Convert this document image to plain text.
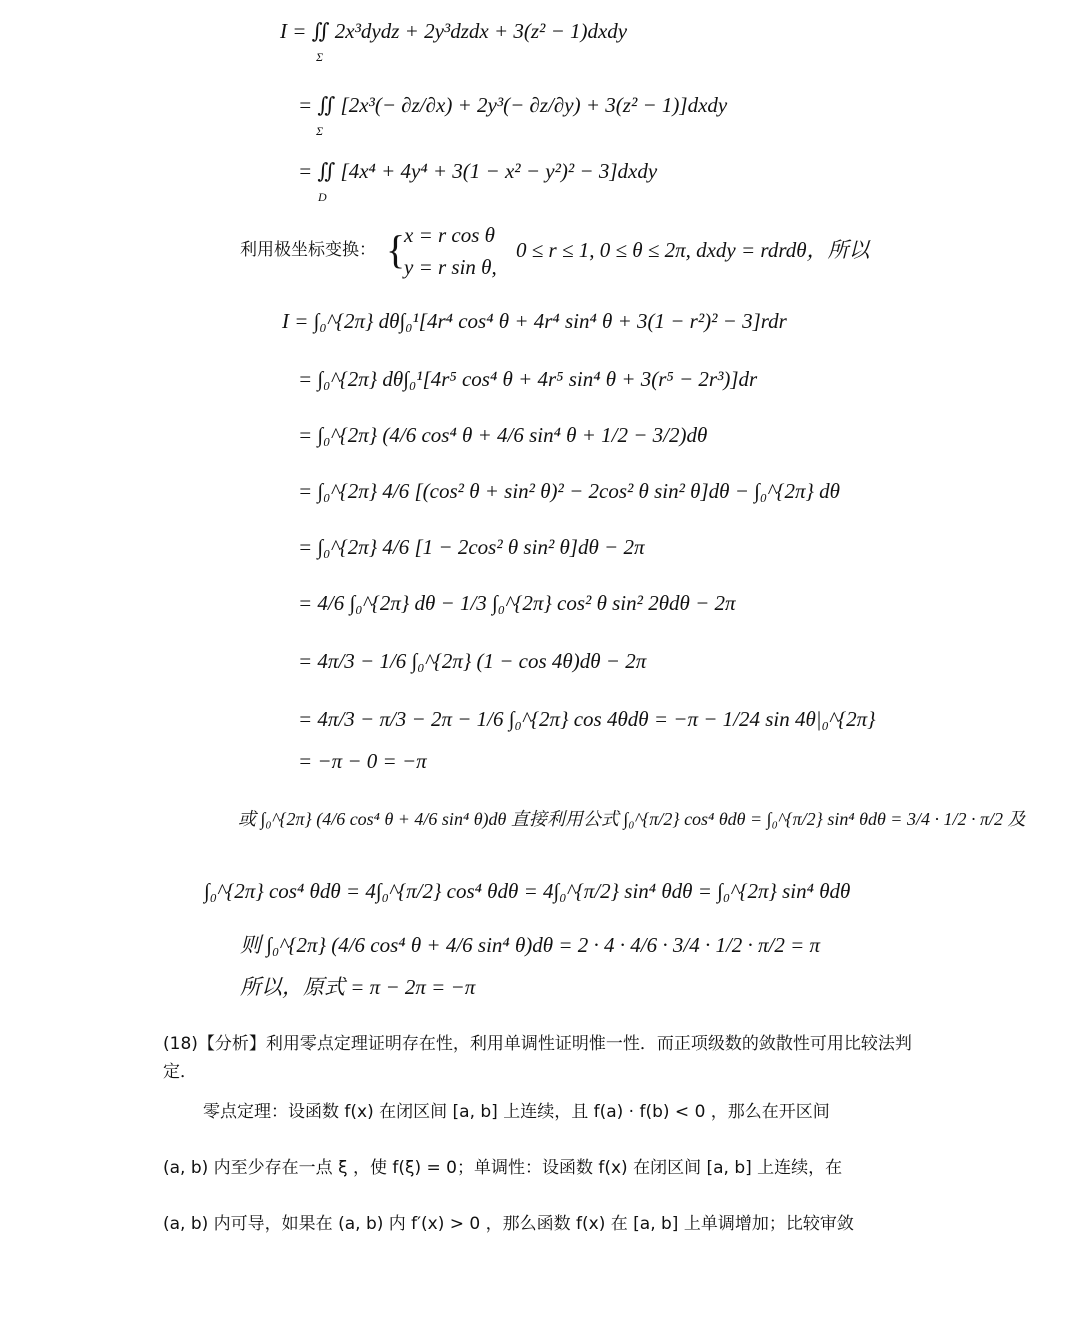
I = ∬ 2x³dydz + 2y³dzdx + 3(z² − 1)dxdy
Σ
= ∬ [2x³(− ∂z/∂x) + 2y³(− ∂z/∂y) + 3(z² − 1)]dxdy
Σ
= ∬ [4x⁴ + 4y⁴ + 3(1 − x² − y²)² − 3]dxdy
D
利用极坐标变换： {
x = r cos θ
y = r sin θ,
0 ≤ r ≤ 1, 0 ≤ θ ≤ 2π, dxdy = rdrdθ，所以
I = ∫₀^{2π} dθ∫₀¹[4r⁴ cos⁴ θ + 4r⁴ sin⁴ θ + 3(1 − r²)² − 3]rdr
= ∫₀^{2π} dθ∫₀¹[4r⁵ cos⁴ θ + 4r⁵ sin⁴ θ + 3(r⁵ − 2r³)]dr
= ∫₀^{2π} (4/6 cos⁴ θ + 4/6 sin⁴ θ + 1/2 − 3/2)dθ
= ∫₀^{2π} 4/6 [(cos² θ + sin² θ)² − 2cos² θ sin² θ]dθ − ∫₀^{2π} dθ
= ∫₀^{2π} 4/6 [1 − 2cos² θ sin² θ]dθ − 2π
= 4/6 ∫₀^{2π} dθ − 1/3 ∫₀^{2π} cos² θ sin² 2θdθ − 2π
= 4π/3 − 1/6 ∫₀^{2π} (1 − cos 4θ)dθ − 2π
= 4π/3 − π/3 − 2π − 1/6 ∫₀^{2π} cos 4θdθ = −π − 1/24 sin 4θ|₀^{2π}
= −π − 0 = −π
或 ∫₀^{2π} (4/6 cos⁴ θ + 4/6 sin⁴ θ)dθ 直接利用公式 ∫₀^{π/2} cos⁴ θdθ = ∫₀^{π/2} sin⁴ θdθ = 3/4 · 1/2 · π/2 及
∫₀^{2π} cos⁴ θdθ = 4∫₀^{π/2} cos⁴ θdθ = 4∫₀^{π/2} sin⁴ θdθ = ∫₀^{2π} sin⁴ θdθ
则 ∫₀^{2π} (4/6 cos⁴ θ + 4/6 sin⁴ θ)dθ = 2 · 4 · 4/6 · 3/4 · 1/2 · π/2 = π
所以，原式 = π − 2π = −π
(18)【分析】利用零点定理证明存在性，利用单调性证明惟一性．而正项级数的敛散性可用比较法判定．
零点定理：设函数 f(x) 在闭区间 [a, b] 上连续，且 f(a) · f(b) < 0 ，那么在开区间
(a, b) 内至少存在一点 ξ ，使 f(ξ) = 0；单调性：设函数 f(x) 在闭区间 [a, b] 上连续，在
(a, b) 内可导，如果在 (a, b) 内 f′(x) > 0 ，那么函数 f(x) 在 [a, b] 上单调增加；比较审敛
